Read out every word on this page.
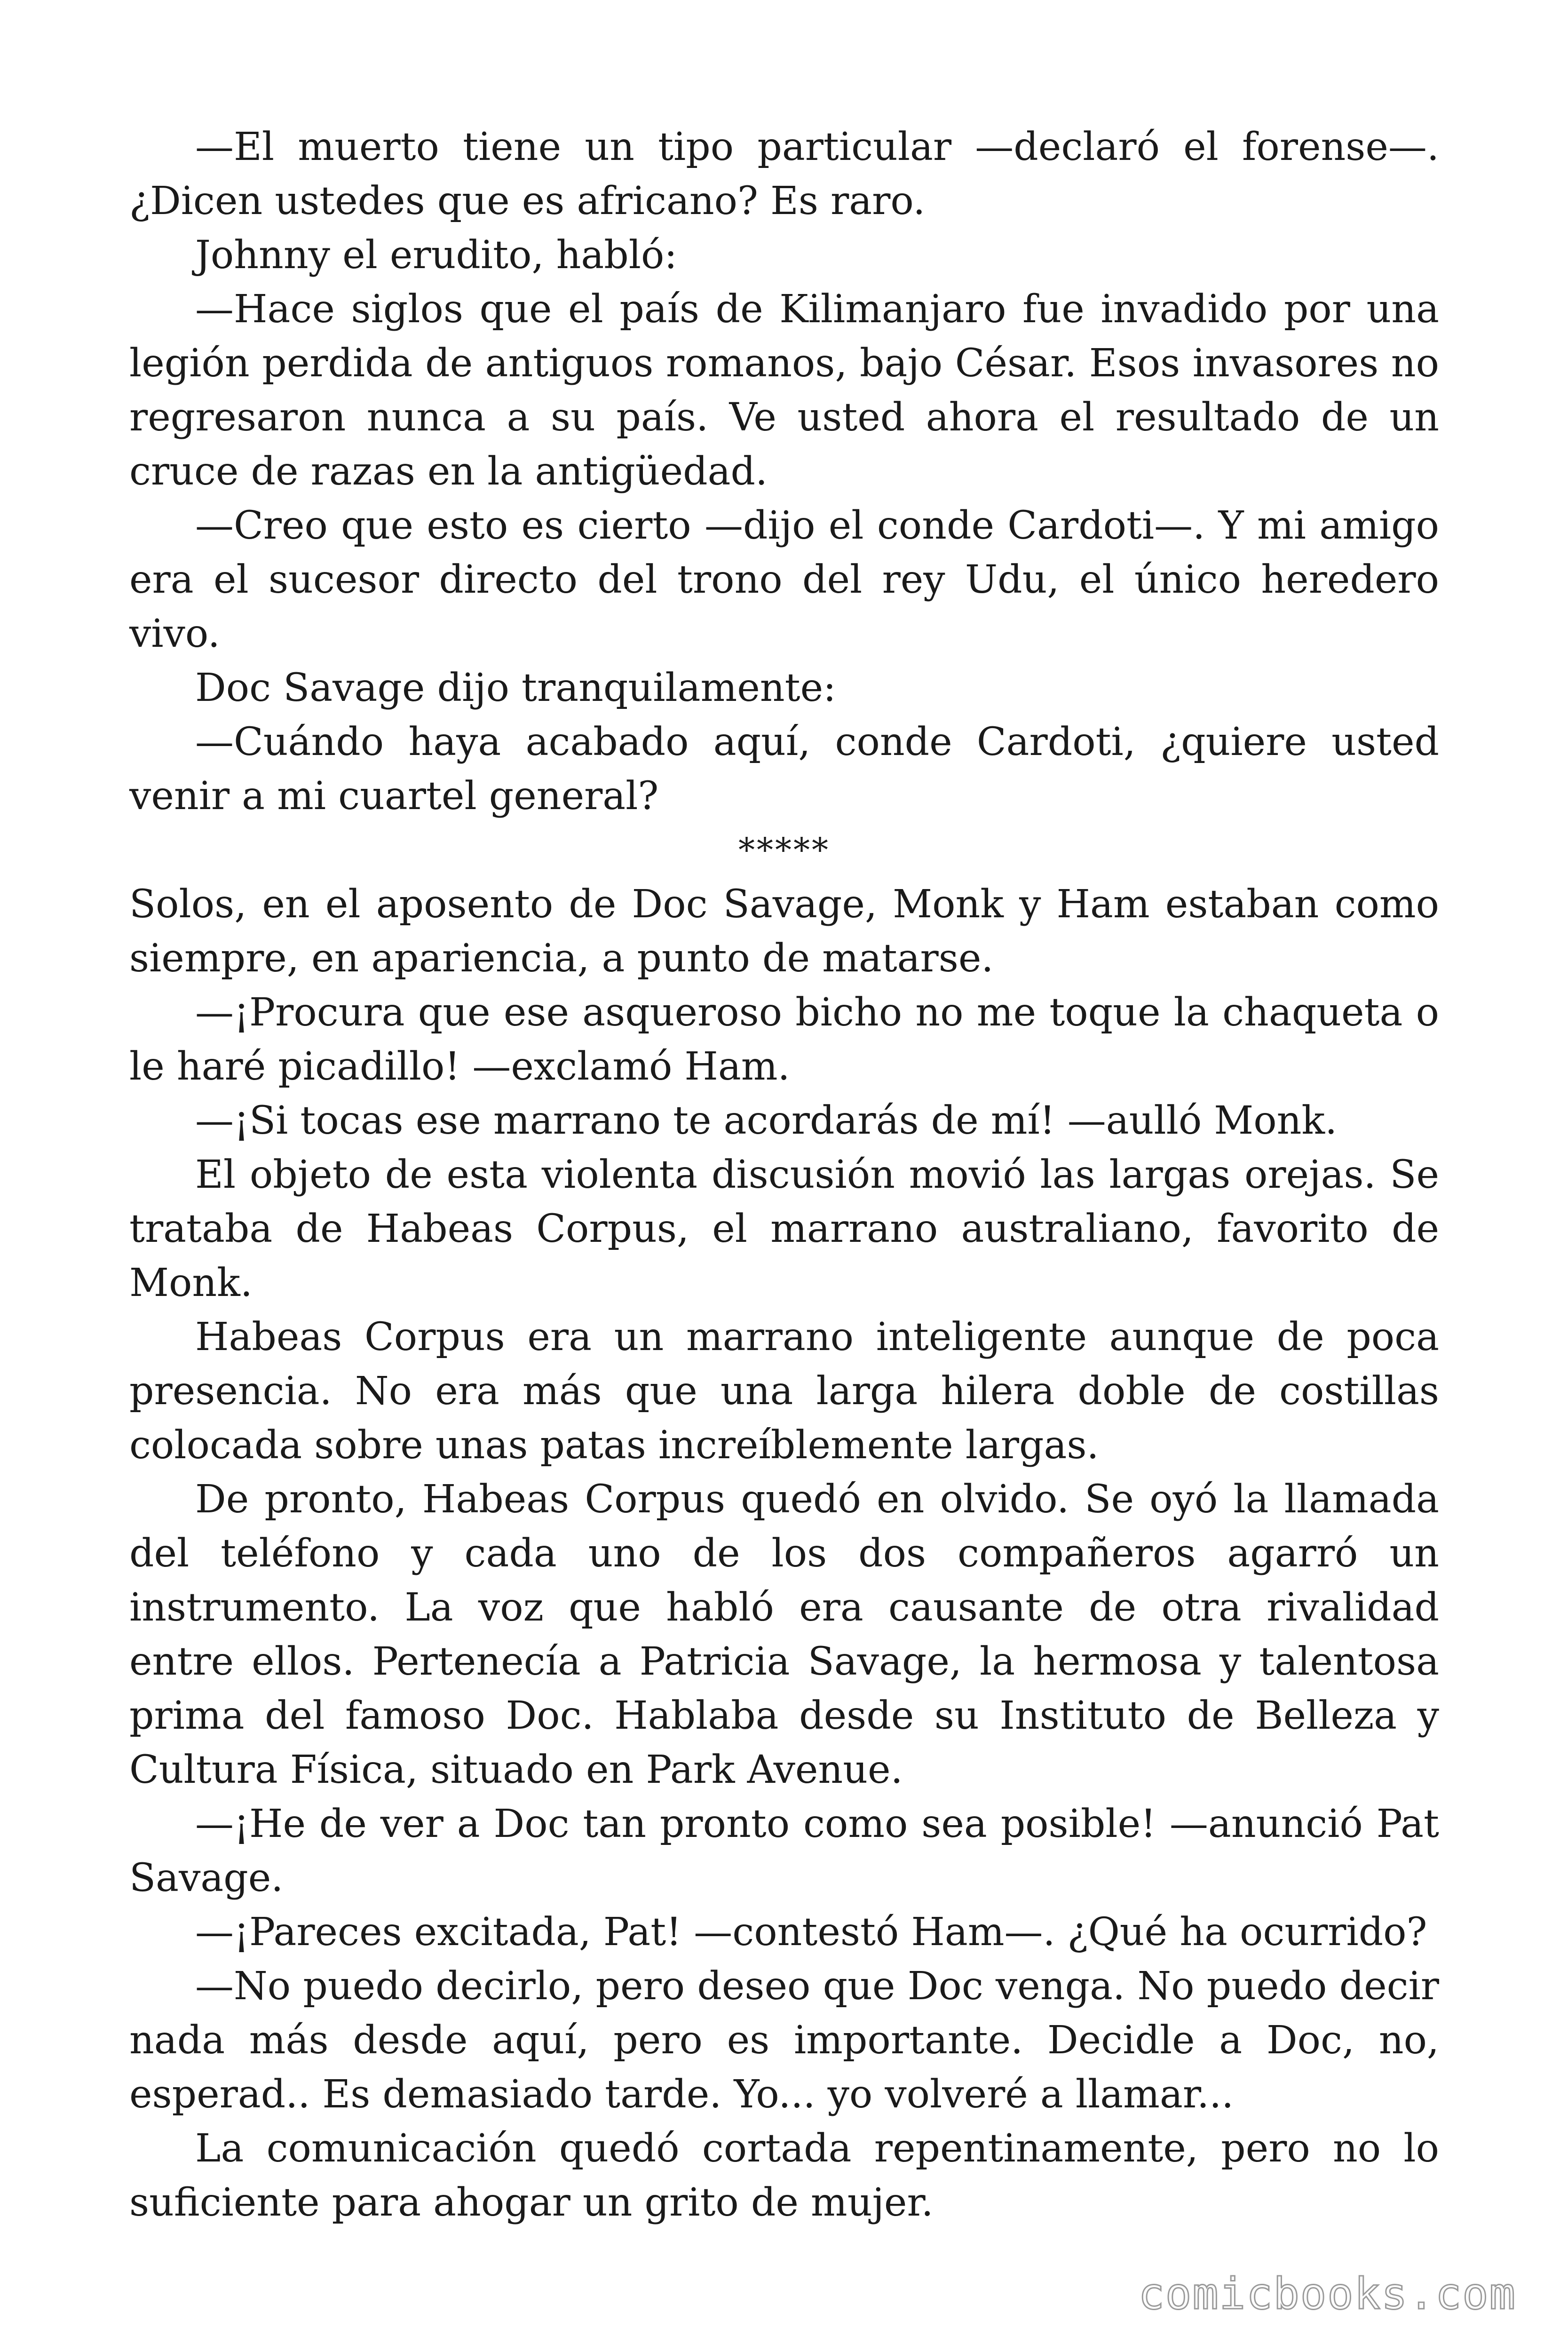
—El muerto tiene un tipo particular —declaró el forense—. ¿Dicen ustedes que es africano? Es raro.

Johnny el erudito, habló:

—Hace siglos que el país de Kilimanjaro fue invadido por una legión perdida de antiguos romanos, bajo César. Esos invasores no regresaron nunca a su país. Ve usted ahora el resultado de un cruce de razas en la antigüedad.

—Creo que esto es cierto —dijo el conde Cardoti—. Y mi amigo era el sucesor directo del trono del rey Udu, el único heredero vivo.

Doc Savage dijo tranquilamente:

—Cuándo haya acabado aquí, conde Cardoti, ¿quiere usted venir a mi cuartel general?

*****

Solos, en el aposento de Doc Savage, Monk y Ham estaban como siempre, en apariencia, a punto de matarse.

—¡Procura que ese asqueroso bicho no me toque la chaqueta o le haré picadillo! —exclamó Ham.

—¡Si tocas ese marrano te acordarás de mí! —aulló Monk.

El objeto de esta violenta discusión movió las largas orejas. Se trataba de Habeas Corpus, el marrano australiano, favorito de Monk.

Habeas Corpus era un marrano inteligente aunque de poca presencia. No era más que una larga hilera doble de costillas colocada sobre unas patas increíblemente largas.

De pronto, Habeas Corpus quedó en olvido. Se oyó la llamada del teléfono y cada uno de los dos compañeros agarró un instrumento. La voz que habló era causante de otra rivalidad entre ellos. Pertenecía a Patricia Savage, la hermosa y talentosa prima del famoso Doc. Hablaba desde su Instituto de Belleza y Cultura Física, situado en Park Avenue.

—¡He de ver a Doc tan pronto como sea posible! —anunció Pat Savage.

—¡Pareces excitada, Pat! —contestó Ham—. ¿Qué ha ocurrido?

—No puedo decirlo, pero deseo que Doc venga. No puedo decir nada más desde aquí, pero es importante. Decidle a Doc, no, esperad.. Es demasiado tarde. Yo... yo volveré a llamar...

La comunicación quedó cortada repentinamente, pero no lo suficiente para ahogar un grito de mujer.

comicbooks.com
